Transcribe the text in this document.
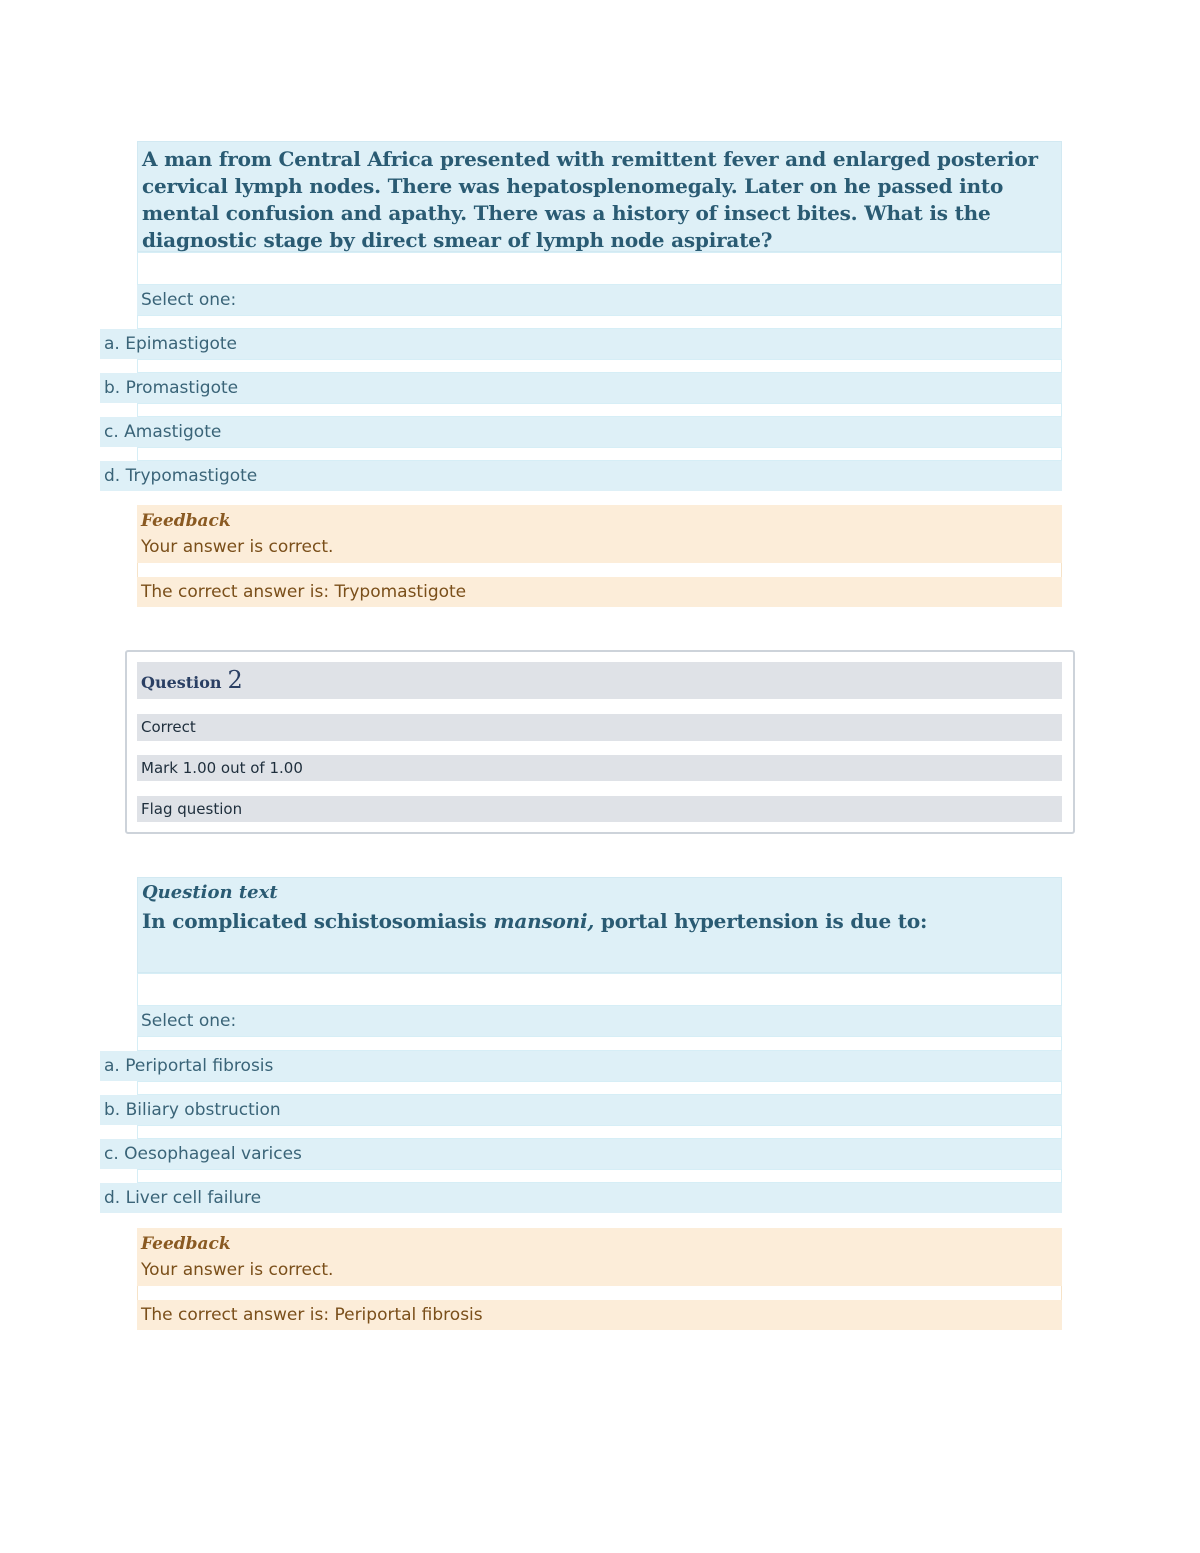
A man from Central Africa presented with remittent fever and enlarged posterior cervical lymph nodes. There was hepatosplenomegaly. Later on he passed into mental confusion and apathy. There was a history of insect bites. What is the diagnostic stage by direct smear of lymph node aspirate?
Select one:
a. Epimastigote
b. Promastigote
c. Amastigote
d. Trypomastigote
Feedback
Your answer is correct.
The correct answer is: Trypomastigote
Question 2
Correct
Mark 1.00 out of 1.00
Flag question
Question text
In complicated schistosomiasis mansoni, portal hypertension is due to:
Select one:
a. Periportal fibrosis
b. Biliary obstruction
c. Oesophageal varices
d. Liver cell failure
Feedback
Your answer is correct.
The correct answer is: Periportal fibrosis
